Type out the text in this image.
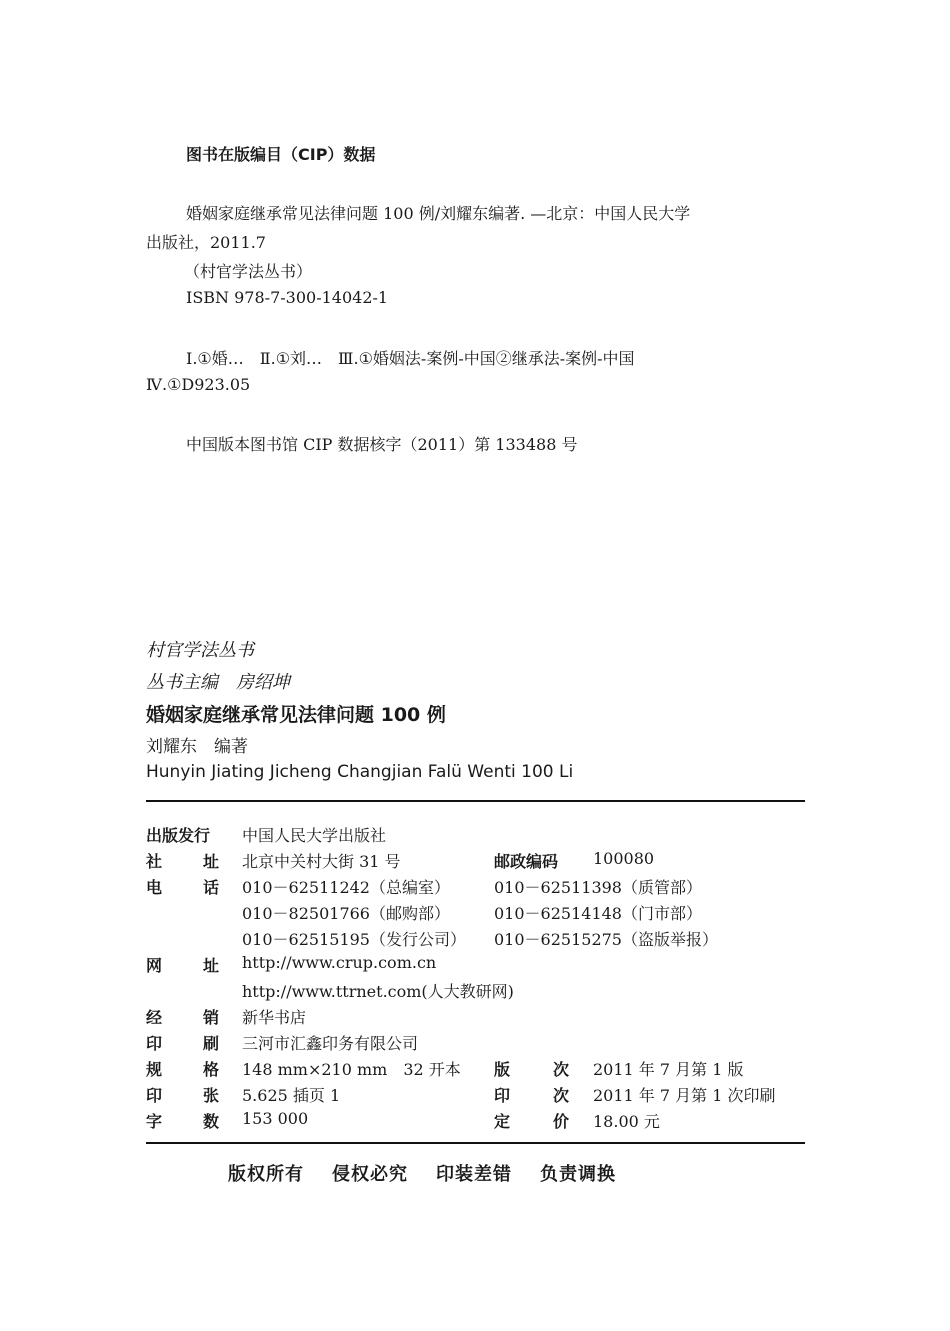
图书在版编目（CIP）数据
婚姻家庭继承常见法律问题 100 例/刘耀东编著. —北京：中国人民大学
出版社，2011.7
（村官学法丛书）
ISBN 978-7-300-14042-1
Ⅰ.①婚…　Ⅱ.①刘…　Ⅲ.①婚姻法-案例-中国②继承法-案例-中国
Ⅳ.①D923.05
中国版本图书馆 CIP 数据核字（2011）第 133488 号
村官学法丛书
丛书主编　房绍坤
婚姻家庭继承常见法律问题 100 例
刘耀东　编著
Hunyin Jiating Jicheng Changjian Falü Wenti 100 Li
出版发行 中国人民大学出版社
社	址 北京中关村大街 31 号	邮政编码 100080
电	话 010－62511242（总编室）	010－62511398（质管部）
010－82501766（邮购部）	010－62514148（门市部）
010－62515195（发行公司） 010－62515275（盗版举报）
网	址 http://www.crup.com.cn
http://www.ttrnet.com(人大教研网)
经	销 新华书店
印	刷 三河市汇鑫印务有限公司
规	格 148 mm×210 mm　32 开本 版	次 2011 年 7 月第 1 版
印	张 5.625 插页 1	印	次 2011 年 7 月第 1 次印刷
字	数 153 000	定	价 18.00 元
版权所有 侵权必究 印装差错 负责调换
